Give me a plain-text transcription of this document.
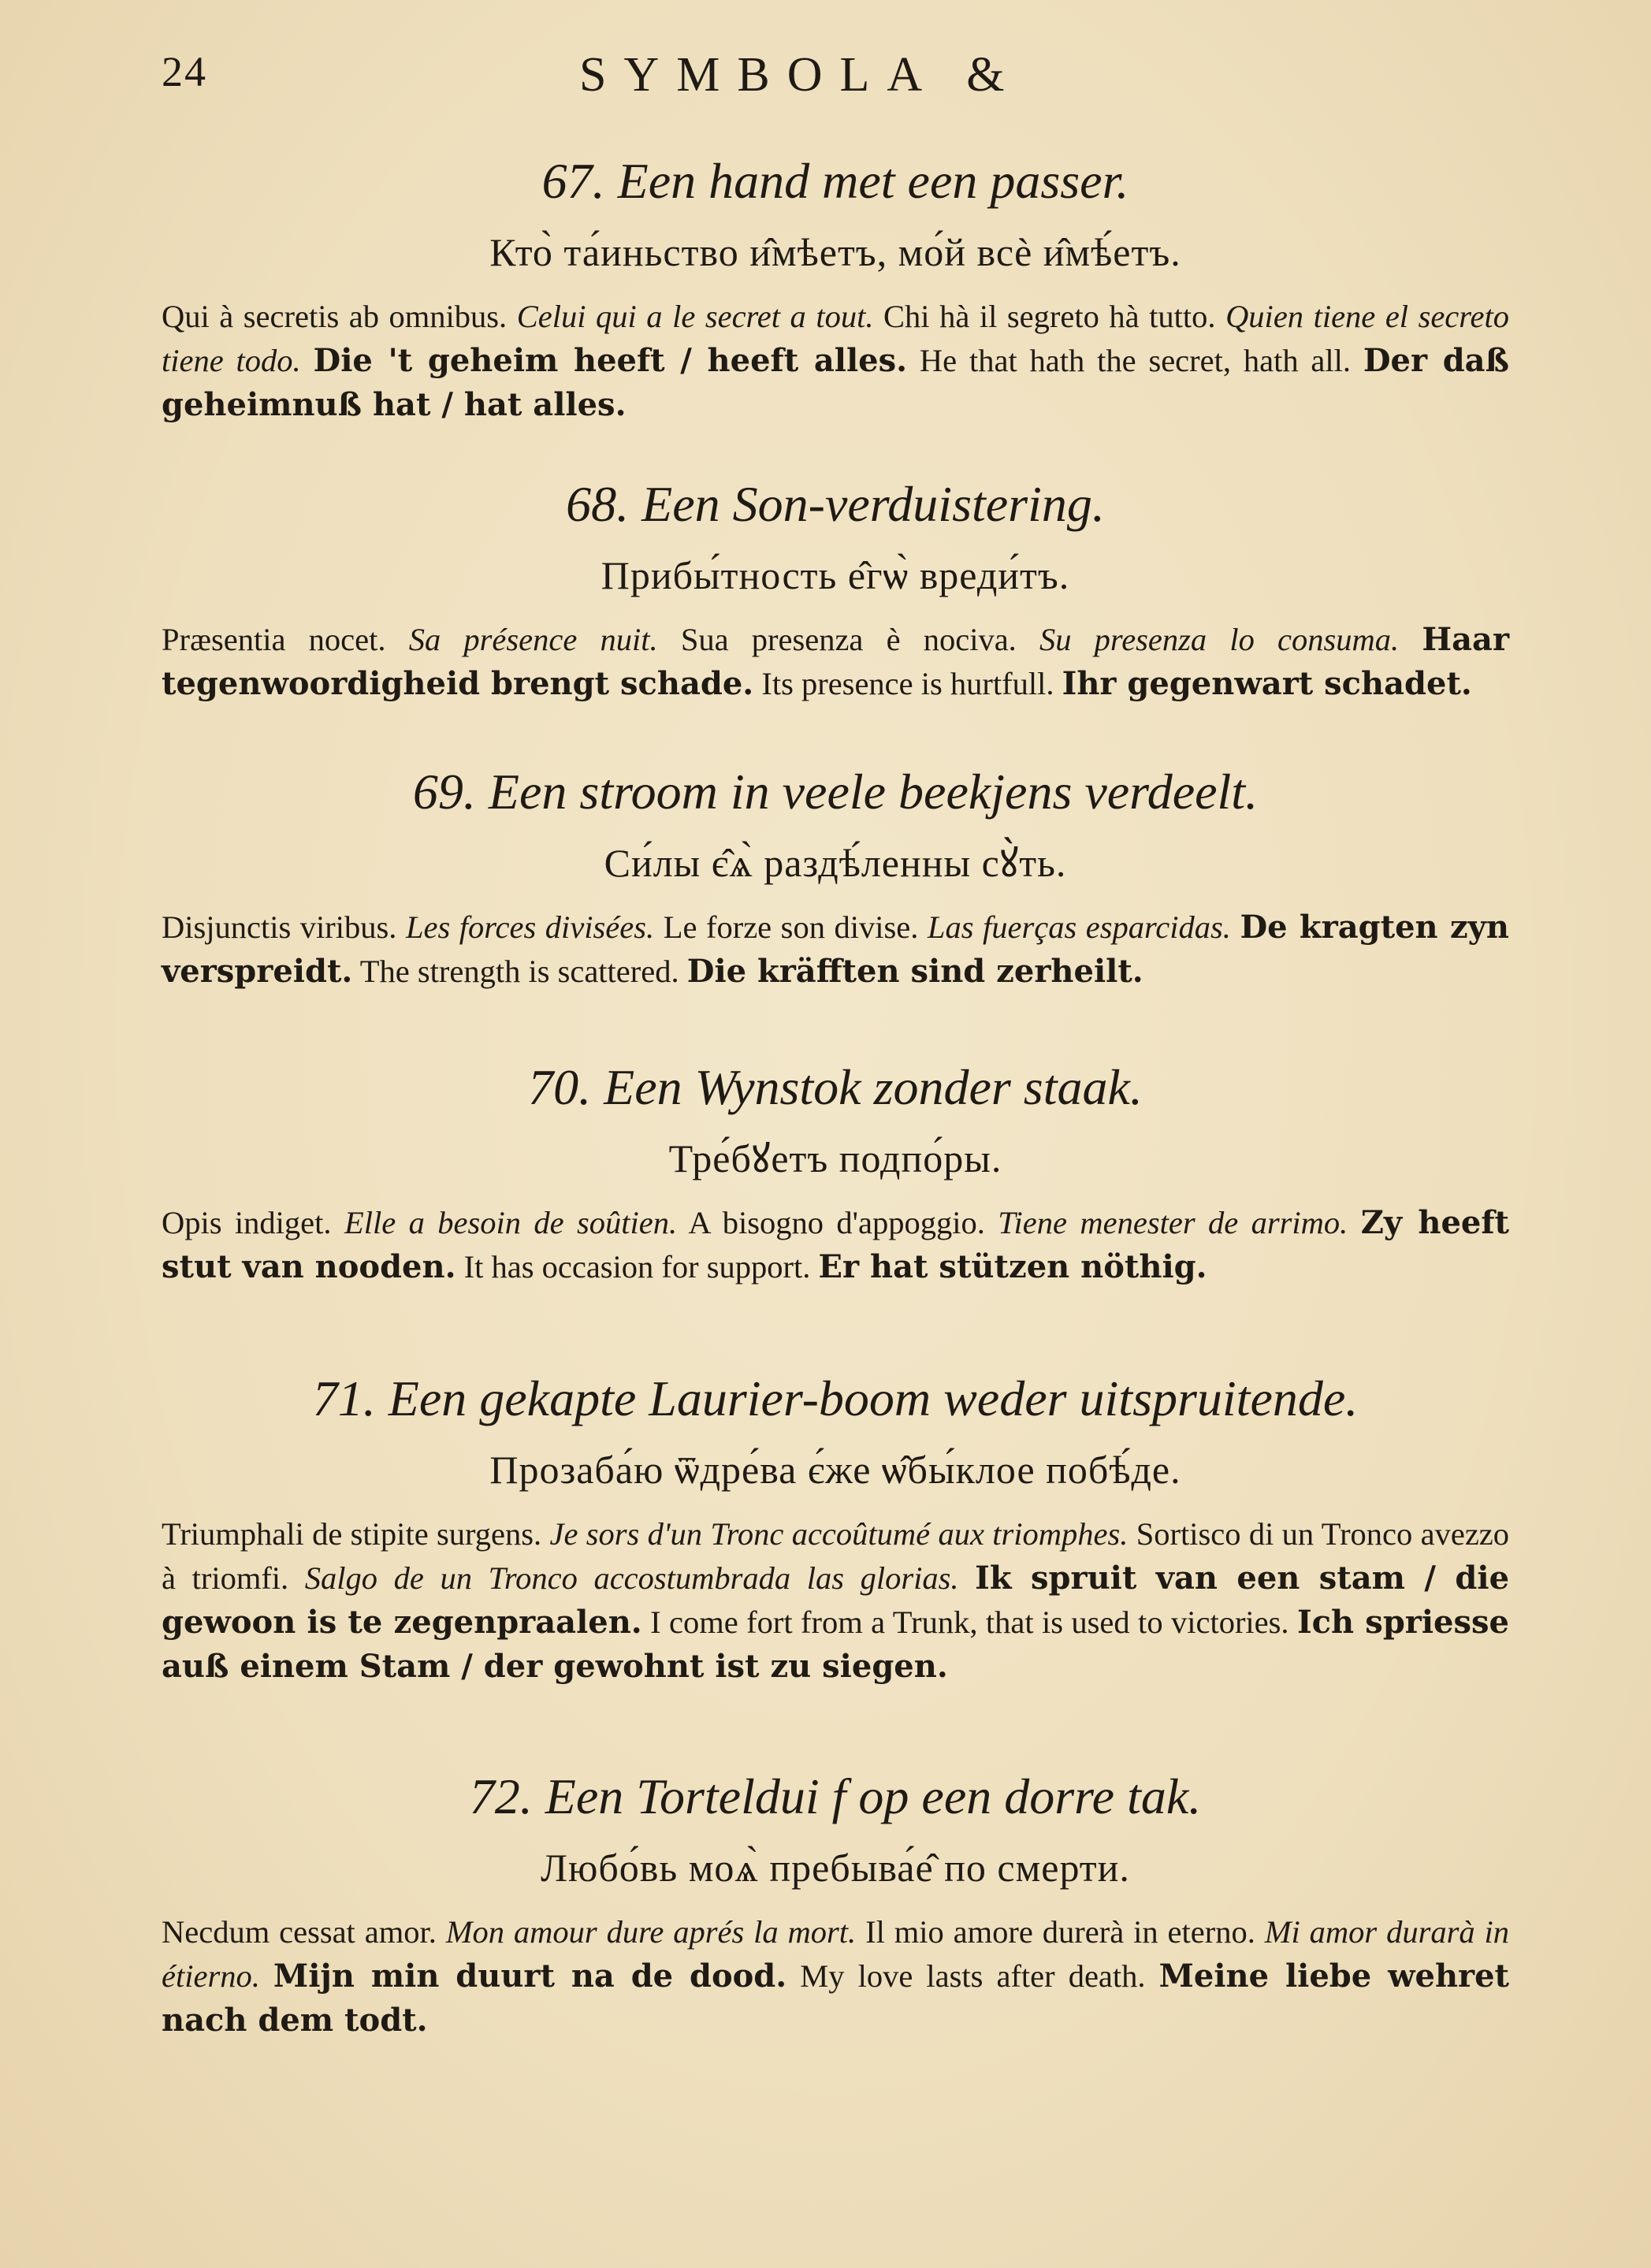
24	SYMBOLA &
67. Een hand met een passer.
Кто̀ та́иньство и̂мѣетъ, мо́й всѐ и̂мѣ́етъ.
Qui à secretis ab omnibus. Celui qui a le secret a tout. Chi hà il segreto hà tutto. Quien tiene el secreto tiene todo. Die 't geheim heeft / heeft alles. He that hath the secret, hath all. Der daß geheimnuß hat / hat alles.
68. Een Son-verduistering.
Прибы́тность е̂гѡ̀ вреди́тъ.
Præsentia nocet. Sa présence nuit. Sua presenza è nociva. Su presenza lo consuma. Haar tegenwoordigheid brengt schade. Its presence is hurtfull. Ihr gegenwart schadet.
69. Een stroom in veele beekjens verdeelt.
Си́лы є̂ѧ̀ раздѣ́ленны сꙋ̀ть.
Disjunctis viribus. Les forces divisées. Le forze son divise. Las fuerças esparcidas. De kragten zyn verspreidt. The strength is scattered. Die kräfften sind zerheilt.
70. Een Wynstok zonder staak.
Тре́бꙋетъ подпо́ры.
Opis indiget. Elle a besoin de soûtien. A bisogno d'appoggio. Tiene menester de arrimo. Zy heeft stut van nooden. It has occasion for support. Er hat stützen nöthig.
71. Een gekapte Laurier-boom weder uitspruitende.
Прозаба́ю ѿдре́ва є́же ѡ̂бы́клое побѣ́де.
Triumphali de stipite surgens. Je sors d'un Tronc accoûtumé aux triomphes. Sortisco di un Tronco avezzo à triomfi. Salgo de un Tronco accostumbrada las glorias. Ik spruit van een stam / die gewoon is te zegenpraalen. I come fort from a Trunk, that is used to victories. Ich spriesse auß einem Stam / der gewohnt ist zu siegen.
72. Een Torteldui f op een dorre tak.
Любо́вь моѧ̀ пребыва́е̂ по смерти.
Necdum cessat amor. Mon amour dure aprés la mort. Il mio amore durerà in eterno. Mi amor durarà in étierno. Mijn min duurt na de dood. My love lasts after death. Meine liebe wehret nach dem todt.
